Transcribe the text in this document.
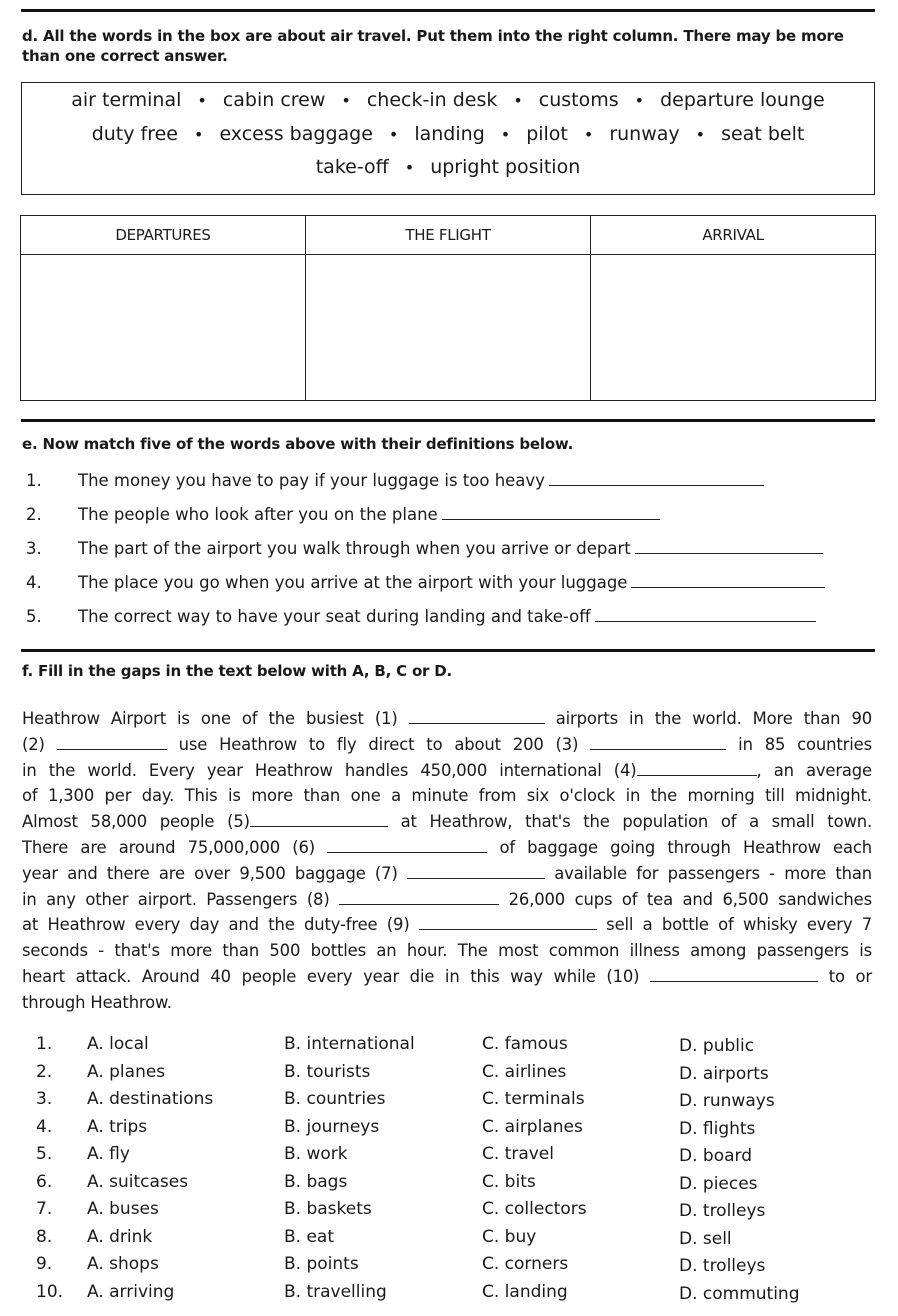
d. All the words in the box are about air travel. Put them into the right column. There may be more
than one correct answer.
air terminal • cabin crew • check-in desk • customs • departure lounge
duty free • excess baggage • landing • pilot • runway • seat belt
take-off • upright position
DEPARTURES	THE FLIGHT	ARRIVAL

e. Now match five of the words above with their definitions below.
1. The money you have to pay if your luggage is too heavy
2. The people who look after you on the plane
3. The part of the airport you walk through when you arrive or depart
4. The place you go when you arrive at the airport with your luggage
5. The correct way to have your seat during landing and take-off
f. Fill in the gaps in the text below with A, B, C or D.
Heathrow Airport is one of the busiest (1)	airports in the world. More than 90
(2)	use Heathrow to fly direct to about 200 (3)	in 85 countries
in the world. Every year Heathrow handles 450,000 international (4)	, an average
of 1,300 per day. This is more than one a minute from six o'clock in the morning till midnight.
Almost 58,000 people (5)	at Heathrow, that's the population of a small town.
There are around 75,000,000 (6)	of baggage going through Heathrow each
year and there are over 9,500 baggage (7)	available for passengers - more than
in any other airport. Passengers (8)	26,000 cups of tea and 6,500 sandwiches
at Heathrow every day and the duty-free (9)	sell a bottle of whisky every 7
seconds - that's more than 500 bottles an hour. The most common illness among passengers is
heart attack. Around 40 people every year die in this way while (10)	to or
through Heathrow.
1. A. local	B. international	C. famous	D. public
2. A. planes	B. tourists	C. airlines	D. airports
3. A. destinations	B. countries	C. terminals	D. runways
4. A. trips	B. journeys	C. airplanes	D. flights
5. A. fly	B. work	C. travel	D. board
6. A. suitcases	B. bags	C. bits	D. pieces
7. A. buses	B. baskets	C. collectors	D. trolleys
8. A. drink	B. eat	C. buy	D. sell
9. A. shops	B. points	C. corners	D. trolleys
10. A. arriving	B. travelling	C. landing	D. commuting
